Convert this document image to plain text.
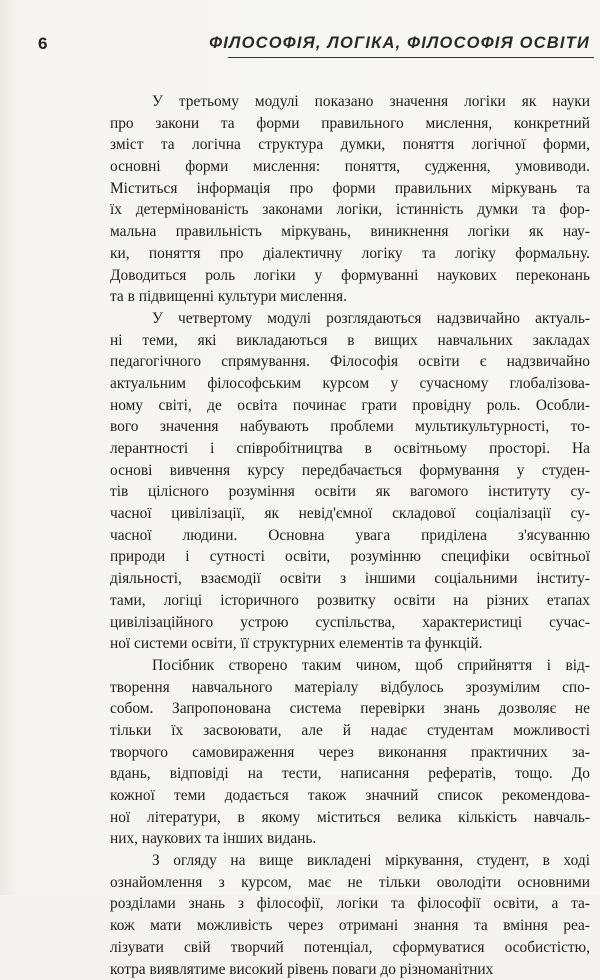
6	ФІЛОСОФІЯ, ЛОГІКА, ФІЛОСОФІЯ ОСВІТИ
У третьому модулі показано значення логіки як науки
про закони та форми правильного мислення, конкретний
зміст та логічна структура думки, поняття логічної форми,
основні форми мислення: поняття, судження, умовиводи.
Міститься інформація про форми правильних міркувань та
їх детермінованість законами логіки, істинність думки та фор-
мальна правильність міркувань, виникнення логіки як нау-
ки, поняття про діалектичну логіку та логіку формальну.
Доводиться роль логіки у формуванні наукових переконань
та в підвищенні культури мислення.
У четвертому модулі розглядаються надзвичайно актуаль-
ні теми, які викладаються в вищих навчальних закладах
педагогічного спрямування. Філософія освіти є надзвичайно
актуальним філософським курсом у сучасному глобалізова-
ному світі, де освіта починає грати провідну роль. Особли-
вого значення набувають проблеми мультикультурності, то-
лерантності і співробітництва в освітньому просторі. На
основі вивчення курсу передбачається формування у студен-
тів цілісного розуміння освіти як вагомого інституту су-
часної цивілізації, як невід'ємної складової соціалізації су-
часної людини. Основна увага приділена з'ясуванню
природи і сутності освіти, розумінню специфіки освітньої
діяльності, взаємодії освіти з іншими соціальними інститу-
тами, логіці історичного розвитку освіти на різних етапах
цивілізаційного устрою суспільства, характеристиці сучас-
ної системи освіти, її структурних елементів та функцій.
Посібник створено таким чином, щоб сприйняття і від-
творення навчального матеріалу відбулось зрозумілим спо-
собом. Запропонована система перевірки знань дозволяє не
тільки їх засвоювати, але й надає студентам можливості
творчого самовираження через виконання практичних за-
вдань, відповіді на тести, написання рефератів, тощо. До
кожної теми додається також значний список рекомендова-
ної літератури, в якому міститься велика кількість навчаль-
них, наукових та інших видань.
З огляду на вище викладені міркування, студент, в ході
ознайомлення з курсом, має не тільки оволодіти основними
розділами знань з філософії, логіки та філософії освіти, а та-
кож мати можливість через отримані знання та вміння реа-
лізувати свій творчий потенціал, сформуватися особистістю,
котра виявлятиме високий рівень поваги до різноманітних
